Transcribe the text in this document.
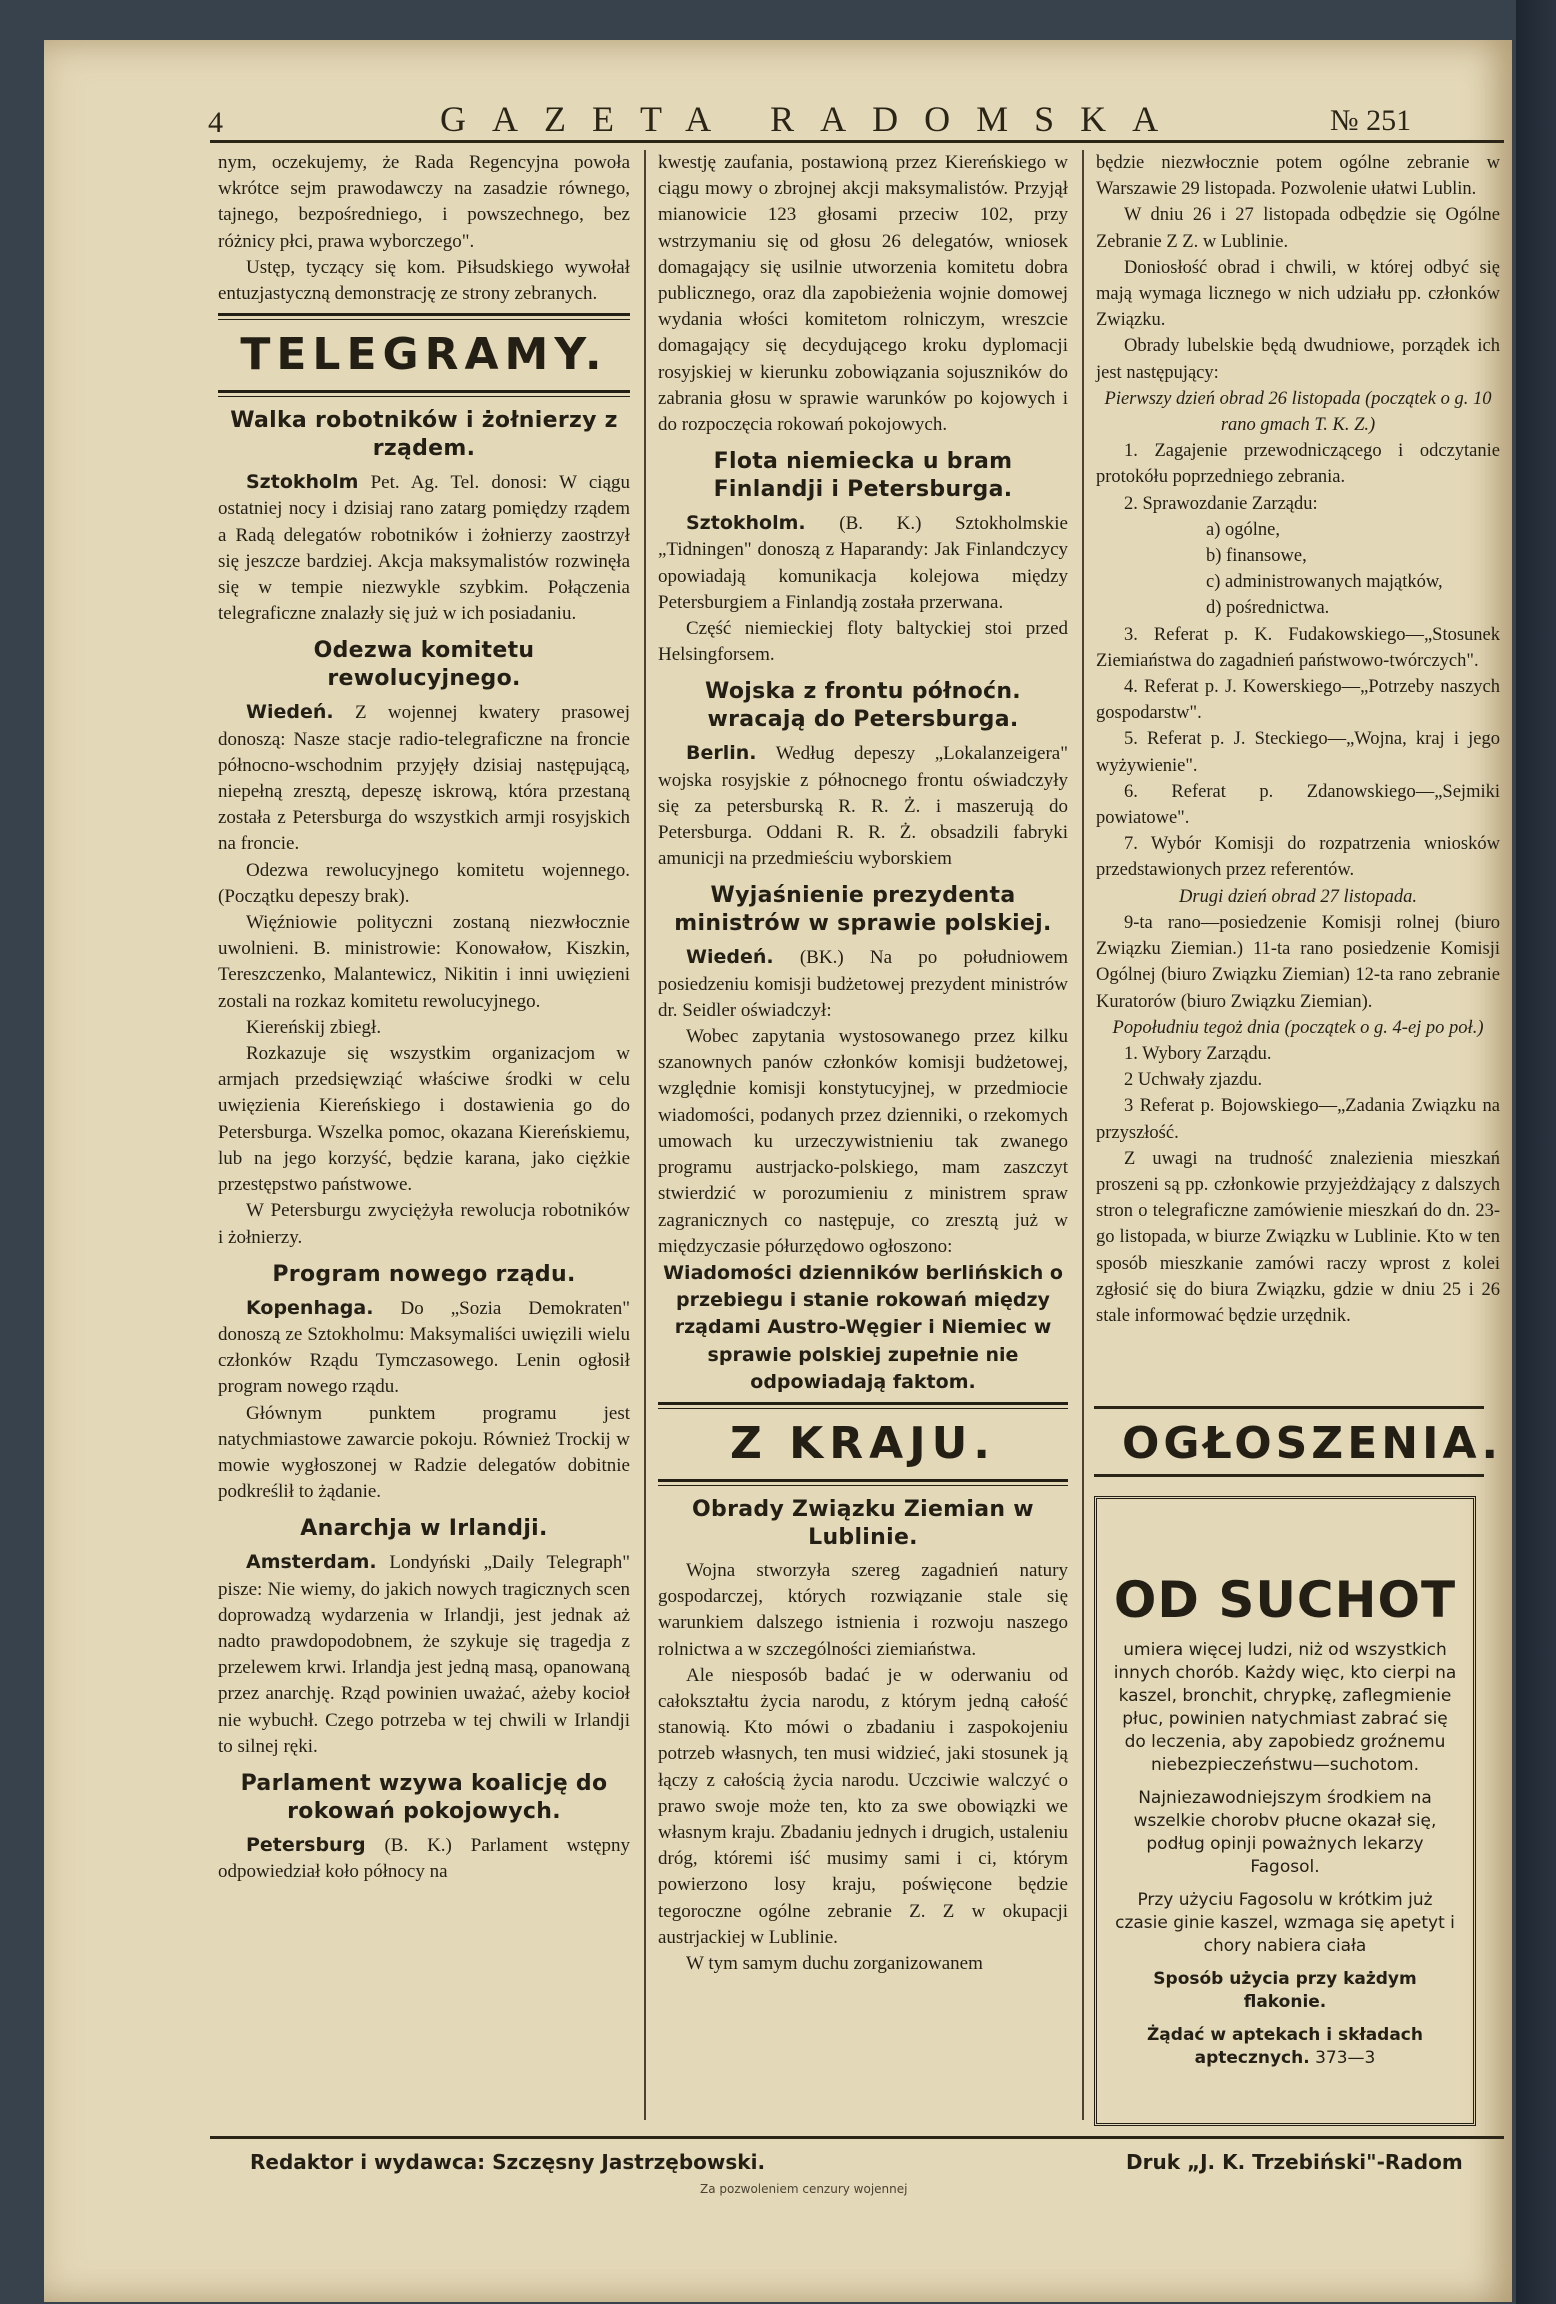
4	GAZETA RADOMSKA	№ 251

nym, oczekujemy, że Rada Regencyjna powoła wkrótce sejm prawodawczy na zasadzie równego, tajnego, bezpośredniego, i powszechnego, bez różnicy płci, prawa wyborczego".

Ustęp, tyczący się kom. Piłsudskiego wywołał entuzjastyczną demonstrację ze strony zebranych.

TELEGRAMY.
Walka robotników i żołnierzy z rządem.

Sztokholm Pet. Ag. Tel. donosi: W ciągu ostatniej nocy i dzisiaj rano zatarg pomiędzy rządem a Radą delegatów robotników i żołnierzy zaostrzył się jeszcze bardziej. Akcja maksymalistów rozwinęła się w tempie niezwykle szybkim. Połączenia telegraficzne znalazły się już w ich posiadaniu.

Odezwa komitetu rewolucyjnego.

Wiedeń. Z wojennej kwatery prasowej donoszą: Nasze stacje radio-telegraficzne na froncie północno-wschodnim przyjęły dzisiaj następującą, niepełną zresztą, depeszę iskrową, która przestaną została z Petersburga do wszystkich armji rosyjskich na froncie.

Odezwa rewolucyjnego komitetu wojennego. (Początku depeszy brak).

Więźniowie polityczni zostaną niezwłocznie uwolnieni. B. ministrowie: Konowałow, Kiszkin, Tereszczenko, Malantewicz, Nikitin i inni uwięzieni zostali na rozkaz komitetu rewolucyjnego.

Kiereńskij zbiegł.

Rozkazuje się wszystkim organizacjom w armjach przedsięwziąć właściwe środki w celu uwięzienia Kiereńskiego i dostawienia go do Petersburga. Wszelka pomoc, okazana Kiereńskiemu, lub na jego korzyść, będzie karana, jako ciężkie przestępstwo państwowe.

W Petersburgu zwyciężyła rewolucja robotników i żołnierzy.

Program nowego rządu.

Kopenhaga. Do „Sozia Demokraten" donoszą ze Sztokholmu: Maksymaliści uwięzili wielu członków Rządu Tymczasowego. Lenin ogłosił program nowego rządu.

Głównym punktem programu jest natychmiastowe zawarcie pokoju. Również Trockij w mowie wygłoszonej w Radzie delegatów dobitnie podkreślił to żądanie.

Anarchja w Irlandji.

Amsterdam. Londyński „Daily Telegraph" pisze: Nie wiemy, do jakich nowych tragicznych scen doprowadzą wydarzenia w Irlandji, jest jednak aż nadto prawdopodobnem, że szykuje się tragedja z przelewem krwi. Irlandja jest jedną masą, opanowaną przez anarchję. Rząd powinien uważać, ażeby kocioł nie wybuchł. Czego potrzeba w tej chwili w Irlandji to silnej ręki.

Parlament wzywa koalicję do rokowań pokojowych.

Petersburg (B. K.) Parlament wstępny odpowiedział koło północy na

kwestję zaufania, postawioną przez Kiereńskiego w ciągu mowy o zbrojnej akcji maksymalistów. Przyjął mianowicie 123 głosami przeciw 102, przy wstrzymaniu się od głosu 26 delegatów, wniosek domagający się usilnie utworzenia komitetu dobra publicznego, oraz dla zapobieżenia wojnie domowej wydania włości komitetom rolniczym, wreszcie domagający się decydującego kroku dyplomacji rosyjskiej w kierunku zobowiązania sojuszników do zabrania głosu w sprawie warunków po kojowych i do rozpoczęcia rokowań pokojowych.

Flota niemiecka u bram Finlandji i Petersburga.

Sztokholm. (B. K.) Sztokholmskie „Tidningen" donoszą z Haparandy: Jak Finlandczycy opowiadają komunikacja kolejowa między Petersburgiem a Finlandją została przerwana.

Część niemieckiej floty baltyckiej stoi przed Helsingforsem.

Wojska z frontu półnoćn. wracają do Petersburga.

Berlin. Według depeszy „Lokalanzeigera" wojska rosyjskie z północnego frontu oświadczyły się za petersburską R. R. Ż. i maszerują do Petersburga. Oddani R. R. Ż. obsadzili fabryki amunicji na przedmieściu wyborskiem

Wyjaśnienie prezydenta ministrów w sprawie polskiej.

Wiedeń. (BK.) Na po południowem posiedzeniu komisji budżetowej prezydent ministrów dr. Seidler oświadczył:

Wobec zapytania wystosowanego przez kilku szanownych panów członków komisji budżetowej, względnie komisji konstytucyjnej, w przedmiocie wiadomości, podanych przez dzienniki, o rzekomych umowach ku urzeczywistnieniu tak zwanego programu austrjacko-polskiego, mam zaszczyt stwierdzić w porozumieniu z ministrem spraw zagranicznych co następuje, co zresztą już w międzyczasie półurzędowo ogłoszono:

Wiadomości dzienników berlińskich o przebiegu i stanie rokowań między rządami Austro-Węgier i Niemiec w sprawie polskiej zupełnie nie odpowiadają faktom.

Z KRAJU.
Obrady Związku Ziemian w Lublinie.

Wojna stworzyła szereg zagadnień natury gospodarczej, których rozwiązanie stale się warunkiem dalszego istnienia i rozwoju naszego rolnictwa a w szczególności ziemiaństwa.

Ale niesposób badać je w oderwaniu od całokształtu życia narodu, z którym jedną całość stanowią. Kto mówi o zbadaniu i zaspokojeniu potrzeb własnych, ten musi widzieć, jaki stosunek ją łączy z całością życia narodu. Uczciwie walczyć o prawo swoje może ten, kto za swe obowiązki we własnym kraju. Zbadaniu jednych i drugich, ustaleniu dróg, któremi iść musimy sami i ci, którym powierzono losy kraju, poświęcone będzie tegoroczne ogólne zebranie Z. Z w okupacji austrjackiej w Lublinie.

W tym samym duchu zorganizowanem

będzie niezwłocznie potem ogólne zebranie w Warszawie 29 listopada. Pozwolenie ułatwi Lublin.

W dniu 26 i 27 listopada odbędzie się Ogólne Zebranie Z Z. w Lublinie.

Doniosłość obrad i chwili, w której odbyć się mają wymaga licznego w nich udziału pp. członków Związku.

Obrady lubelskie będą dwudniowe, porządek ich jest następujący:

Pierwszy dzień obrad 26 listopada (początek o g. 10 rano gmach T. K. Z.)

1. Zagajenie przewodniczącego i odczytanie protokółu poprzedniego zebrania.

2. Sprawozdanie Zarządu:

a) ogólne,
b) finansowe,
c) administrowanych majątków,
d) pośrednictwa.

3. Referat p. K. Fudakowskiego—„Stosunek Ziemiaństwa do zagadnień państwowo-twórczych".

4. Referat p. J. Kowerskiego—„Potrzeby naszych gospodarstw".

5. Referat p. J. Steckiego—„Wojna, kraj i jego wyżywienie".

6. Referat p. Zdanowskiego—„Sejmiki powiatowe".

7. Wybór Komisji do rozpatrzenia wniosków przedstawionych przez referentów.

Drugi dzień obrad 27 listopada.

9-ta rano—posiedzenie Komisji rolnej (biuro Związku Ziemian.) 11-ta rano posiedzenie Komisji Ogólnej (biuro Związku Ziemian) 12-ta rano zebranie Kuratorów (biuro Związku Ziemian).

Popołudniu tegoż dnia (początek o g. 4-ej po poł.)

1. Wybory Zarządu.

2 Uchwały zjazdu.

3 Referat p. Bojowskiego—„Zadania Związku na przyszłość.

Z uwagi na trudność znalezienia mieszkań proszeni są pp. członkowie przyjeżdżający z dalszych stron o telegraficzne zamówienie mieszkań do dn. 23-go listopada, w biurze Związku w Lublinie. Kto w ten sposób mieszkanie zamówi raczy wprost z kolei zgłosić się do biura Związku, gdzie w dniu 25 i 26 stale informować będzie urzędnik.

OGŁOSZENIA.
OD SUCHOT

umiera więcej ludzi, niż od wszystkich innych chorób. Każdy więc, kto cierpi na kaszel, bronchit, chrypkę, zaflegmienie płuc, powinien natychmiast zabrać się do leczenia, aby zapobiedz groźnemu niebezpieczeństwu—suchotom.

Najniezawodniejszym środkiem na wszelkie chorobv płucne okazał się, podług opinji poważnych lekarzy Fagosol.

Przy użyciu Fagosolu w krótkim już czasie ginie kaszel, wzmaga się apetyt i chory nabiera ciała

Sposób użycia przy każdym flakonie.

Żądać w aptekach i składach aptecznych. 373—3

Redaktor i wydawca: Szczęsny Jastrzębowski.	Druk „J. K. Trzebiński"-Radom
Za pozwoleniem cenzury wojennej
